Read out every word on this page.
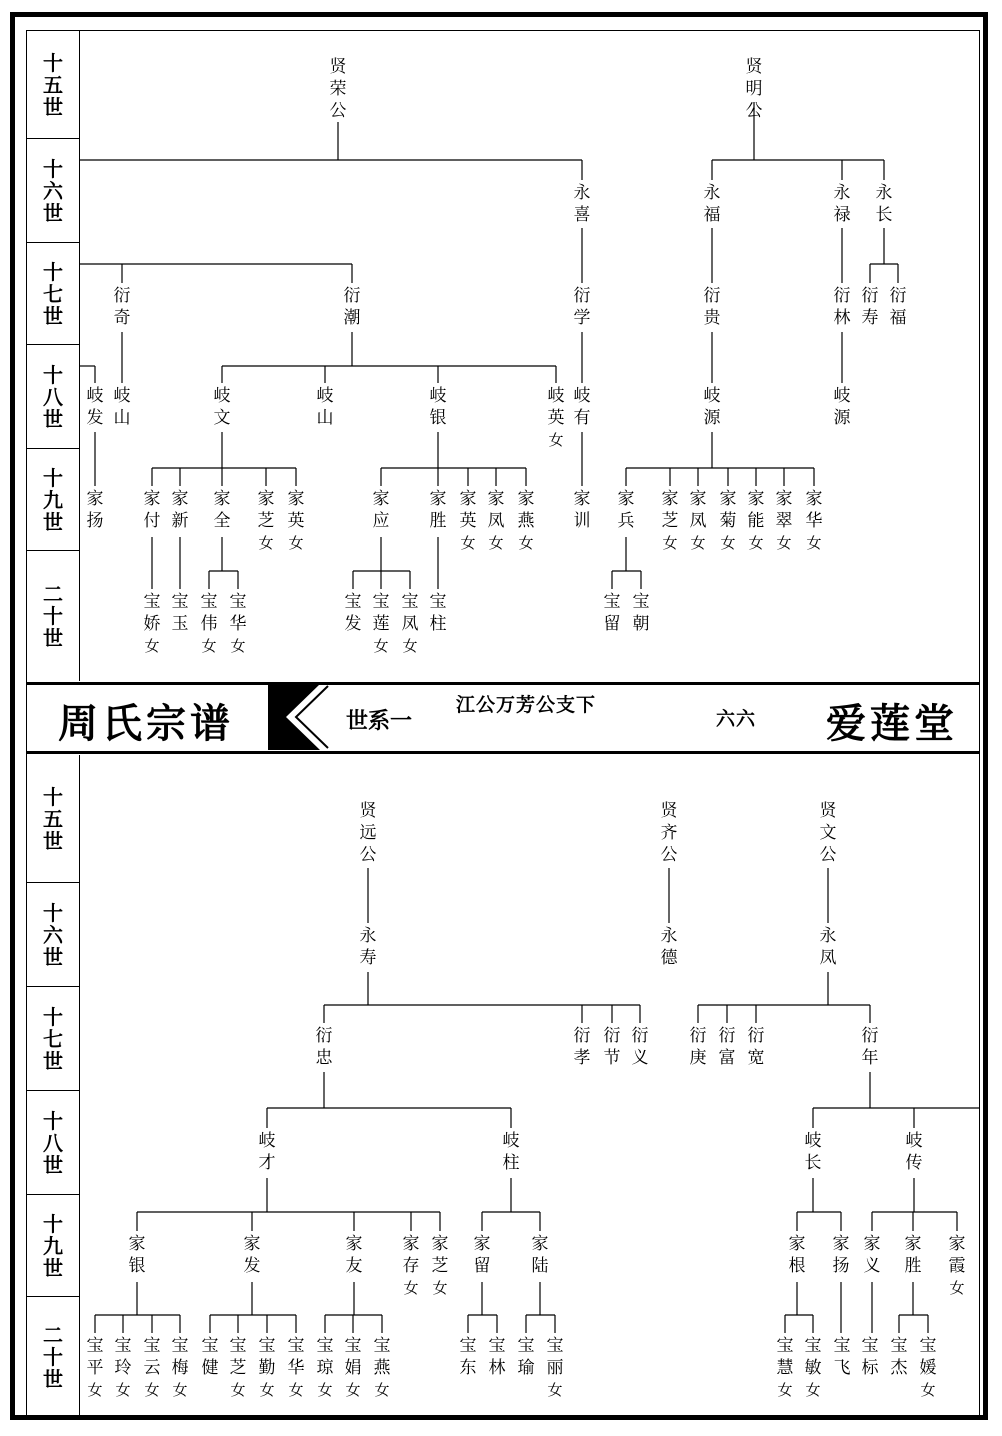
十
五
世
十
六
世
十
七
世
十
八
世
十
九
世
二
十
世
十
五
世
十
六
世
十
七
世
十
八
世
十
九
世
二
十
世
周氏宗谱	世系一
江公万芳公支下
六六 爱莲堂
贤
荣
公
贤
明
公
永
喜
永
福
永
禄
永
长
衍
奇
衍
潮
衍
学
衍
贵
衍
林
衍
寿
衍
福
岐
发
岐
山
岐
文
岐
山
岐
银
岐
英
女
岐
有
岐
源
岐
源
家
扬
家
付
家
新
家
全
家
芝
女
家
英
女
家
应
家
胜
家
英
女
家
凤
女
家
燕
女
家
训
家
兵
家
芝
女
家
凤
女
家
菊
女
家
能
女
家
翠
女
家
华
女
宝
娇
女
宝
玉
宝
伟
女
宝
华
女
宝
发
宝
莲
女
宝
凤
女
宝
柱
宝
留
宝
朝
贤
远
公
贤
齐
公
贤
文
公
永
寿
永
德
永
凤
衍
忠
衍
孝
衍
节
衍
义
衍
庚
衍
富
衍
宽
衍
年
岐
才
岐
柱
岐
长
岐
传
家
银
家
发
家
友
家
存
女
家
芝
女
家
留
家
陆
家
根
家
扬
家
义
家
胜
家
霞
女
宝
平
女
宝
玲
女
宝
云
女
宝
梅
女
宝
健
宝
芝
女
宝
勤
女
宝
华
女
宝
琼
女
宝
娟
女
宝
燕
女
宝
东
宝
林
宝
瑜
宝
丽
女
宝
慧
女
宝
敏
女
宝
飞
宝
标
宝
杰
宝
媛
女
